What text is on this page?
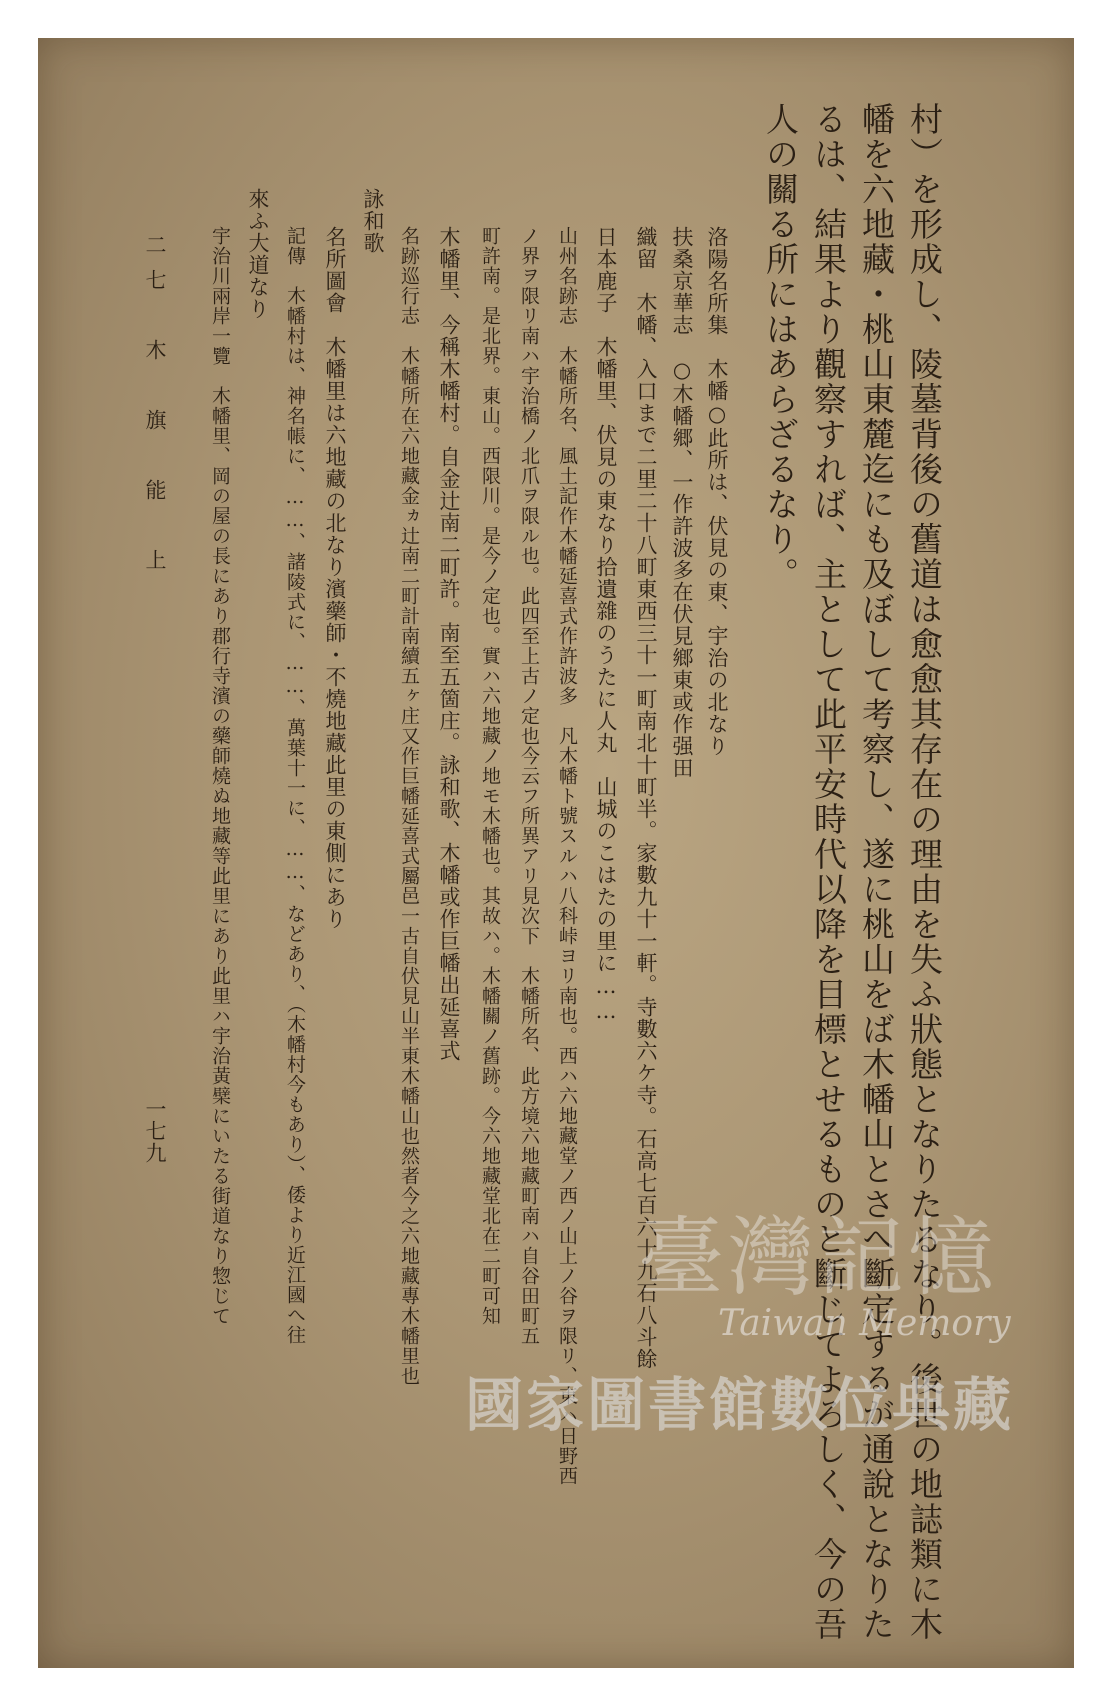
村）を形成し、陵墓背後の舊道は愈愈其存在の理由を失ふ狀態となりたるなり。後世の地誌類に木
幡を六地藏・桃山東麓迄にも及ぼして考察し、遂に桃山をば木幡山とさへ斷定するが通說となりた
るは、結果より觀察すれば、主として此平安時代以降を目標とせるものと斷じてよろしく、今の吾
人の關る所にはあらざるなり。
洛陽名所集　木幡○此所は、伏見の東、宇治の北なり
扶桑京華志　○木幡郷、一作許波多在伏見鄉東或作强田
織留　木幡、入口まで二里二十八町東西三十一町南北十町半。家數九十一軒。寺數六ケ寺。石高七百六十九石八斗餘
日本鹿子　木幡里、伏見の東なり拾遺雜のうたに人丸　山城のこはたの里に……
山州名跡志　木幡所名、風土記作木幡延喜式作許波多　凡木幡ト號スルハ八科峠ヨリ南也。西ハ六地藏堂ノ西ノ山上ノ谷ヲ限リ、東ハ日野西
ノ界ヲ限リ南ハ宇治橋ノ北爪ヲ限ル也。此四至上古ノ定也今云フ所異アリ見次下　木幡所名、此方境六地藏町南ハ自谷田町五
町許南。是北界。東山。西限川。是今ノ定也。實ハ六地藏ノ地モ木幡也。其故ハ。木幡關ノ舊跡。今六地藏堂北在二町可知
木幡里、今稱木幡村。自金辻南二町許。南至五箇庄。詠和歌、木幡或作巨幡出延喜式
名跡巡行志　木幡所在六地藏金ヵ辻南二町計南續五ヶ庄又作巨幡延喜式屬邑一古自伏見山半東木幡山也然者今之六地藏專木幡里也
詠和歌
名所圖會　木幡里は六地藏の北なり濱藥師・不燒地藏此里の東側にあり
記傳　木幡村は、神名帳に、……、諸陵式に、……、萬葉十一に、……、などあり、（木幡村今もあり）、倭より近江國へ往
來ふ大道なり
宇治川兩岸一覽　木幡里、岡の屋の長にあり郡行寺濱の藥師燒ぬ地藏等此里にあり此里ハ宇治黃檗にいたる街道なり惣じて
二七　木　旗　能　上
一七九
臺灣記憶
Taiwan Memory
國家圖書館數位典藏
